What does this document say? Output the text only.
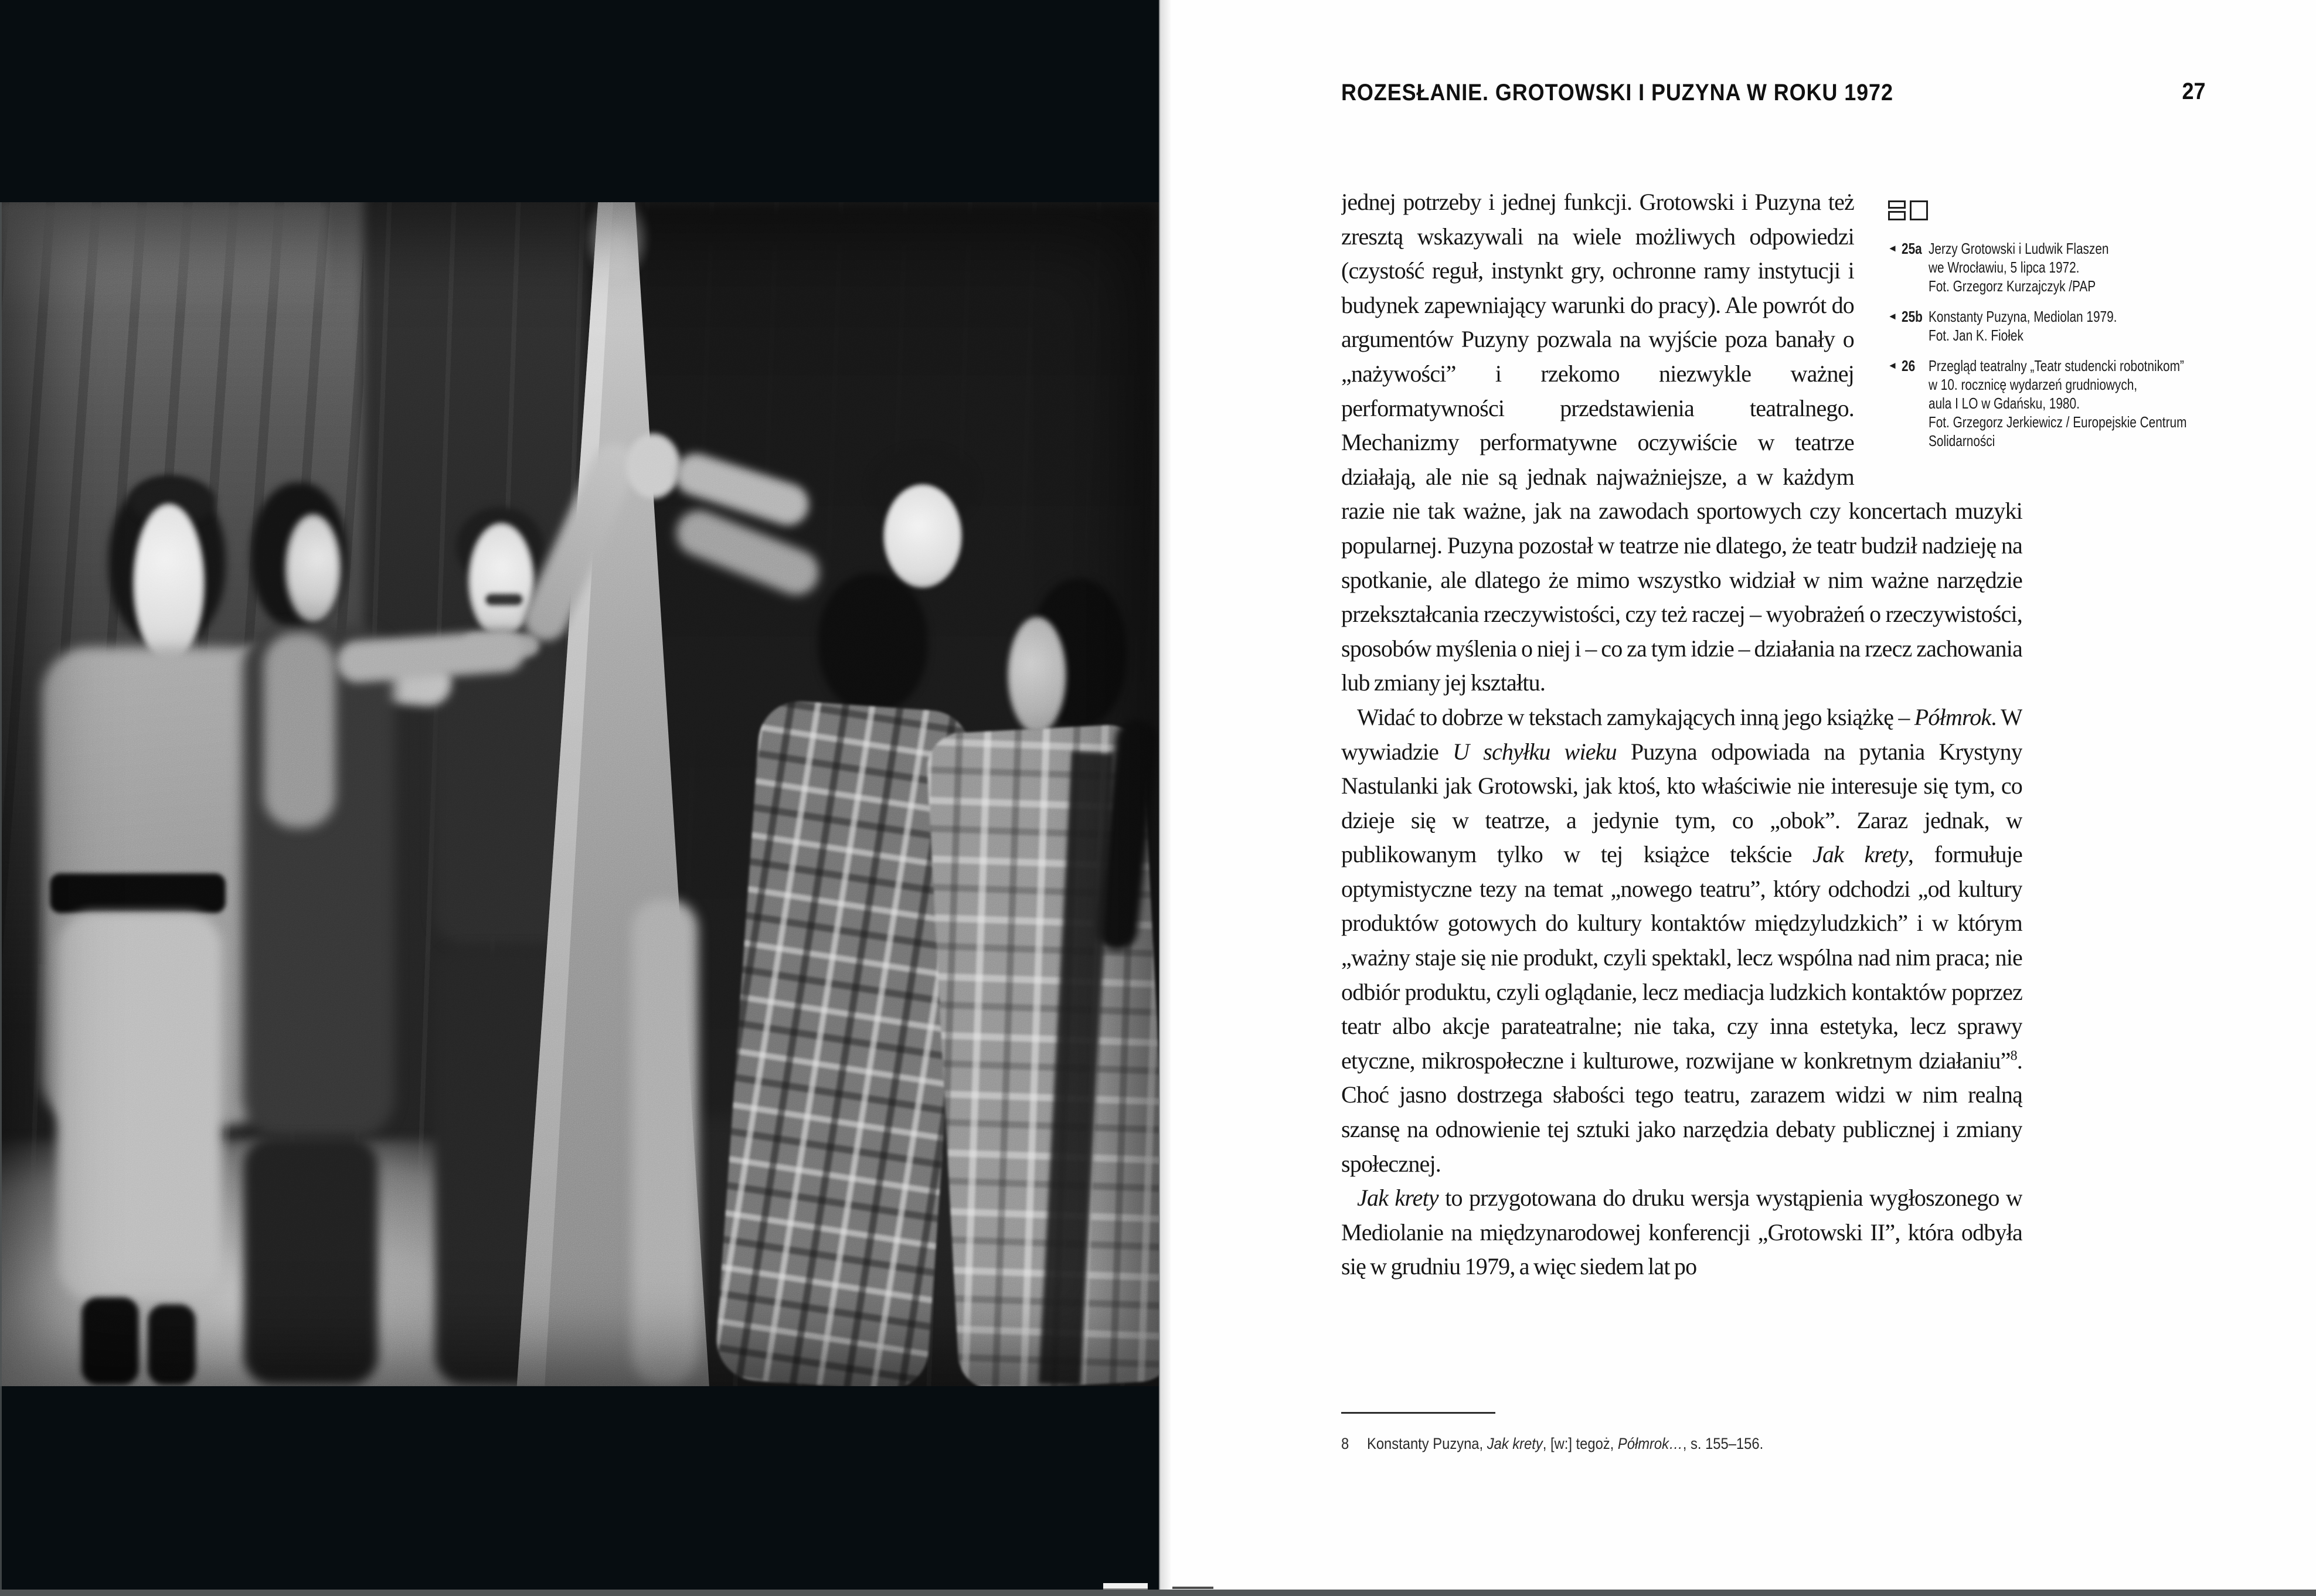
ROZESŁANIE. GROTOWSKI I PUZYNA W ROKU 1972	27
◄ 25a Jerzy Grotowski i Ludwik Flaszen
we Wrocławiu, 5 lipca 1972.
Fot. Grzegorz Kurzajczyk /PAP
◄ 25b Konstanty Puzyna, Mediolan 1979.
Fot. Jan K. Fiołek
◄ 26 Przegląd teatralny „Teatr studencki robotnikom”
w 10. rocznicę wydarzeń grudniowych,
aula I LO w Gdańsku, 1980.
Fot. Grzegorz Jerkiewicz / Europejskie Centrum
Solidarności

jednej potrzeby i jednej funkcji. Grotowski i Puzyna też zresztą wskazywali na wiele możliwych odpowiedzi (czystość reguł, instynkt gry, ochronne ramy instytucji i budynek zapewniający warunki do pracy). Ale powrót do argumentów Puzyny pozwala na wyjście poza banały o „nażywości” i rzekomo niezwykle ważnej performatywności przedstawienia teatralnego. Mechanizmy performatywne oczywiście w teatrze działają, ale nie są jednak najważniejsze, a w każdym razie nie tak ważne, jak na zawodach sportowych czy koncertach muzyki popularnej. Puzyna pozostał w teatrze nie dlatego, że teatr budził nadzieję na spotkanie, ale dlatego że mimo wszystko widział w nim ważne narzędzie przekształcania rzeczywistości, czy też raczej – wyobrażeń o rzeczywistości, sposobów myślenia o niej i – co za tym idzie – działania na rzecz zachowania lub zmiany jej kształtu.

Widać to dobrze w tekstach zamykających inną jego książkę – Półmrok. W wywiadzie U schyłku wieku Puzyna odpowiada na pytania Krystyny Nastulanki jak Grotowski, jak ktoś, kto właściwie nie interesuje się tym, co dzieje się w teatrze, a jedynie tym, co „obok”. Zaraz jednak, w publikowanym tylko w tej książce tekście Jak krety, formułuje optymistyczne tezy na temat „nowego teatru”, który odchodzi „od kultury produktów gotowych do kultury kontaktów międzyludzkich” i w którym „ważny staje się nie produkt, czyli spektakl, lecz wspólna nad nim praca; nie odbiór produktu, czyli oglądanie, lecz mediacja ludzkich kontaktów poprzez teatr albo akcje parateatralne; nie taka, czy inna estetyka, lecz sprawy etyczne, mikrospołeczne i kulturowe, rozwijane w konkretnym działaniu”$^8$. Choć jasno dostrzega słabości tego teatru, zarazem widzi w nim realną szansę na odnowienie tej sztuki jako narzędzia debaty publicznej i zmiany społecznej.

Jak krety to przygotowana do druku wersja wystąpienia wygłoszonego w Mediolanie na międzynarodowej konferencji „Grotowski II”, która odbyła się w grudniu 1979, a więc siedem lat po

8	Konstanty Puzyna, Jak krety, [w:] tegoż, Półmrok…, s. 155–156.
